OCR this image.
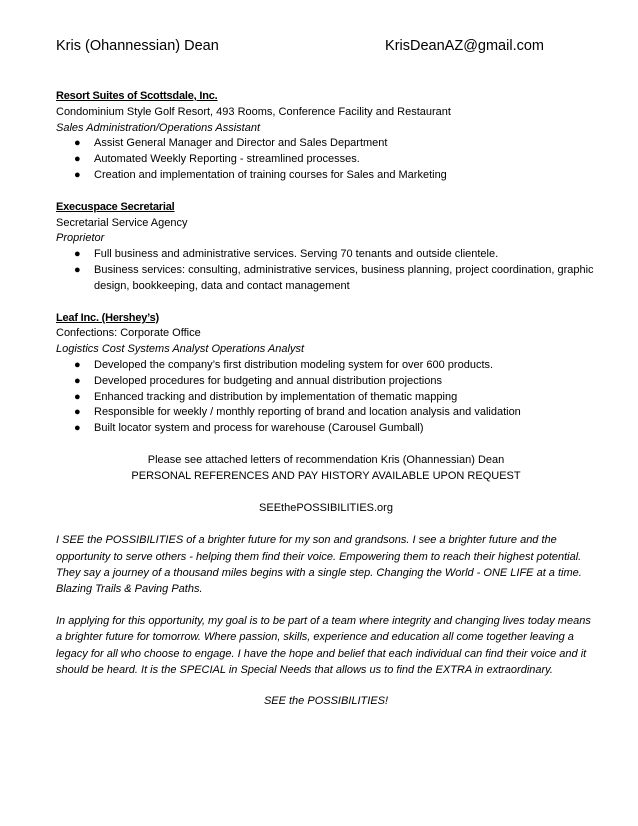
Kris (Ohannessian) Dean	KrisDeanAZ@gmail.com
Resort Suites of Scottsdale, Inc.
Condominium Style Golf Resort, 493 Rooms, Conference Facility and Restaurant
Sales Administration/Operations Assistant
● Assist General Manager and Director and Sales Department
● Automated Weekly Reporting - streamlined processes.
● Creation and implementation of training courses for Sales and Marketing
Execuspace Secretarial
Secretarial Service Agency
Proprietor
● Full business and administrative services. Serving 70 tenants and outside clientele.
● Business services: consulting, administrative services, business planning, project coordination, graphic design, bookkeeping, data and contact management
Leaf Inc. (Hershey’s)
Confections: Corporate Office
Logistics Cost Systems Analyst Operations Analyst
● Developed the company’s first distribution modeling system for over 600 products.
● Developed procedures for budgeting and annual distribution projections
● Enhanced tracking and distribution by implementation of thematic mapping
● Responsible for weekly / monthly reporting of brand and location analysis and validation
● Built locator system and process for warehouse (Carousel Gumball)
Please see attached letters of recommendation Kris (Ohannessian) Dean
PERSONAL REFERENCES AND PAY HISTORY AVAILABLE UPON REQUEST
SEEthePOSSIBILITIES.org
I SEE the POSSIBILITIES of a brighter future for my son and grandsons. I see a brighter future and the opportunity to serve others - helping them find their voice. Empowering them to reach their highest potential. They say a journey of a thousand miles begins with a single step. Changing the World - ONE LIFE at a time. Blazing Trails & Paving Paths.
In applying for this opportunity, my goal is to be part of a team where integrity and changing lives today means a brighter future for tomorrow. Where passion, skills, experience and education all come together leaving a legacy for all who choose to engage. I have the hope and belief that each individual can find their voice and it should be heard. It is the SPECIAL in Special Needs that allows us to find the EXTRA in extraordinary.
SEE the POSSIBILITIES!
